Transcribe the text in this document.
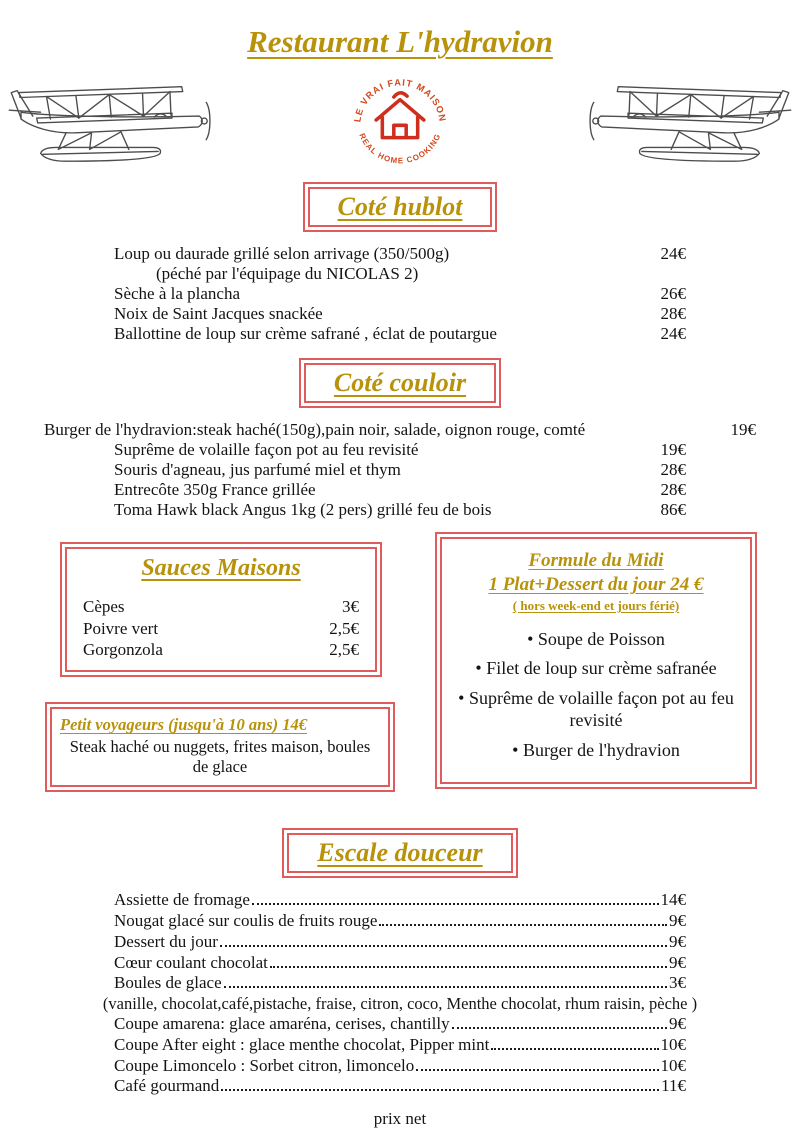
Restaurant L'hydravion
LE VRAI FAIT MAISON
REAL HOME COOKING
Coté hublot
Loup ou daurade grillé selon arrivage (350/500g)	24€
(péché par l'équipage du NICOLAS 2)
Sèche à la plancha	26€
Noix de Saint Jacques snackée	28€
Ballottine de loup sur crème safrané , éclat de poutargue	24€
Coté couloir
Burger de l'hydravion:steak haché(150g),pain noir, salade, oignon rouge, comté	19€
Suprême de volaille façon pot au feu revisité	19€
Souris d'agneau, jus parfumé miel et thym	28€
Entrecôte 350g France grillée	28€
Toma Hawk black Angus 1kg (2 pers) grillé feu de bois	86€
Sauces Maisons
Cèpes	3€
Poivre vert	2,5€
Gorgonzola	2,5€
Petit voyageurs (jusqu'à 10 ans) 14€
Steak haché ou nuggets, frites maison, boules de glace
Formule du Midi
1 Plat+Dessert du jour 24 €
( hors week-end et jours férié)
• Soupe de Poisson
• Filet de loup sur crème safranée
• Suprême de volaille façon pot au feu revisité
• Burger de l'hydravion
Escale douceur
Assiette de fromage	14€
Nougat glacé sur coulis de fruits rouge	9€
Dessert du jour	9€
Cœur coulant chocolat	9€
Boules de glace	3€
(vanille, chocolat,café,pistache, fraise, citron, coco, Menthe chocolat, rhum raisin, pèche )
Coupe amarena: glace amaréna, cerises, chantilly	9€
Coupe After eight : glace menthe chocolat, Pipper mint	10€
Coupe Limoncelo : Sorbet citron, limoncelo	10€
Café gourmand	11€
prix net
